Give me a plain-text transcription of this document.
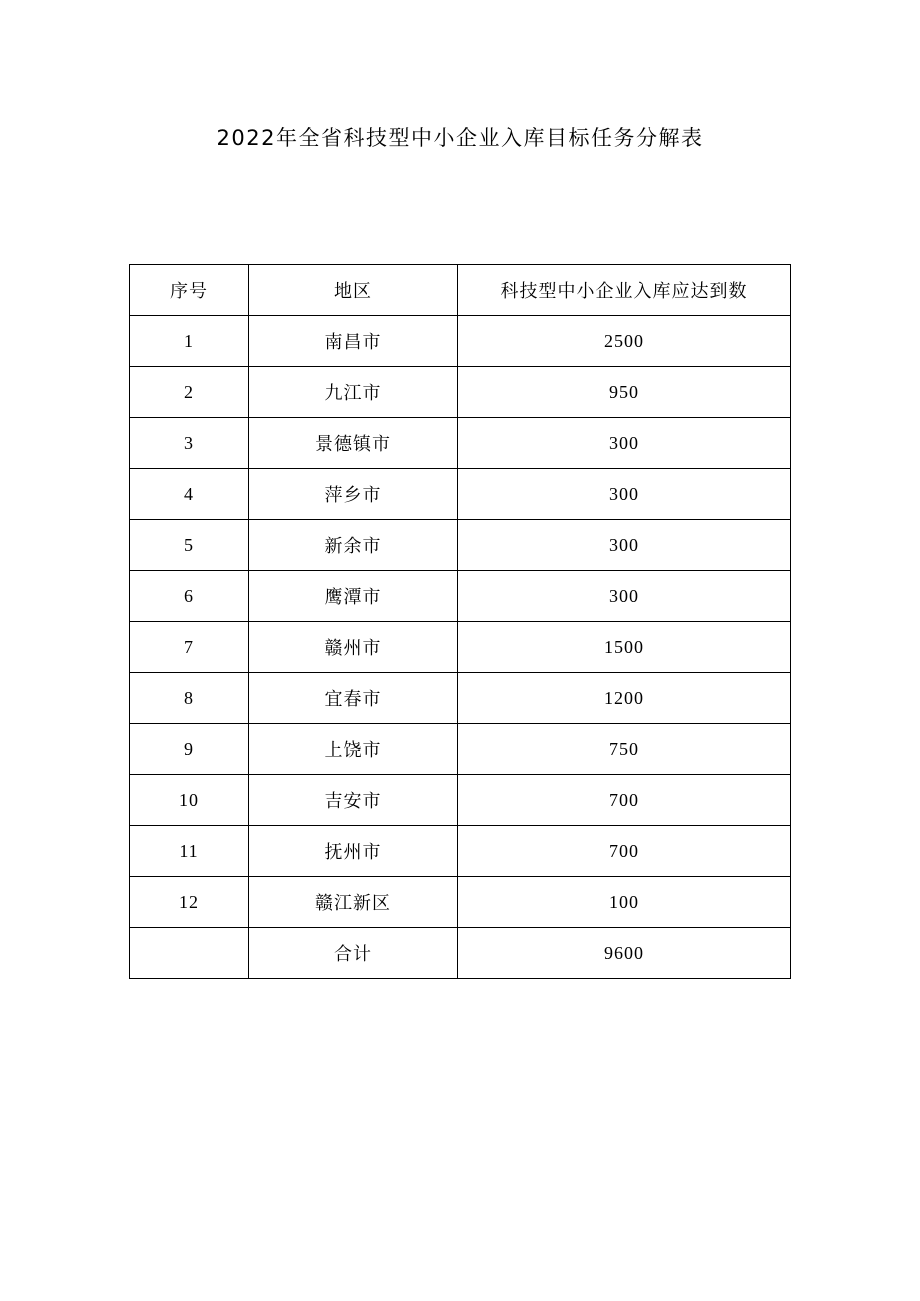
2022年全省科技型中小企业入库目标任务分解表
序号	地区	科技型中小企业入库应达到数
1	南昌市	2500
2	九江市	950
3	景德镇市	300
4	萍乡市	300
5	新余市	300
6	鹰潭市	300
7	赣州市	1500
8	宜春市	1200
9	上饶市	750
10	吉安市	700
11	抚州市	700
12	赣江新区	100
	合计	9600
